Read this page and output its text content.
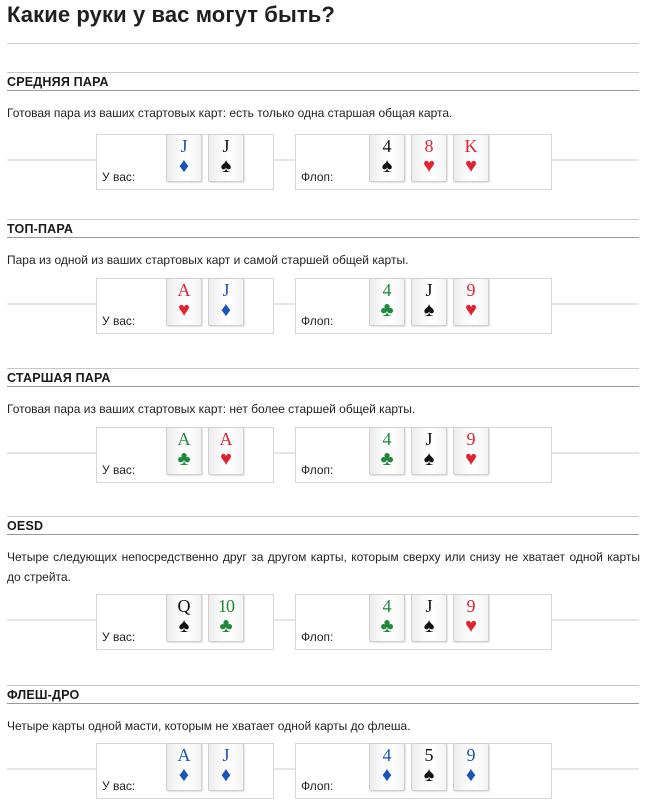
Какие руки у вас могут быть?
СРЕДНЯЯ ПАРА

Готовая пара из ваших стартовых карт: есть только одна старшая общая карта.

У вас:
J
♦
J
♠	Флоп:
4
♠
8
♥
K
♥
ТОП-ПАРА

Пара из одной из ваших стартовых карт и самой старшей общей карты.

У вас:
A
♥
J
♦	Флоп:
4
♣
J
♠
9
♥
СТАРШАЯ ПАРА

Готовая пара из ваших стартовых карт: нет более старшей общей карты.

У вас:
A
♣
A
♥	Флоп:
4
♣
J
♠
9
♥
OESD

Четыре следующих непосредственно друг за другом карты, которым сверху или снизу не хватает одной карты до стрейта.

У вас:
Q
♠
10
♣	Флоп:
4
♣
J
♠
9
♥
ФЛЕШ-ДРО

Четыре карты одной масти, которым не хватает одной карты до флеша.

У вас:
A
♦
J
♦	Флоп:
4
♦
5
♠
9
♦
